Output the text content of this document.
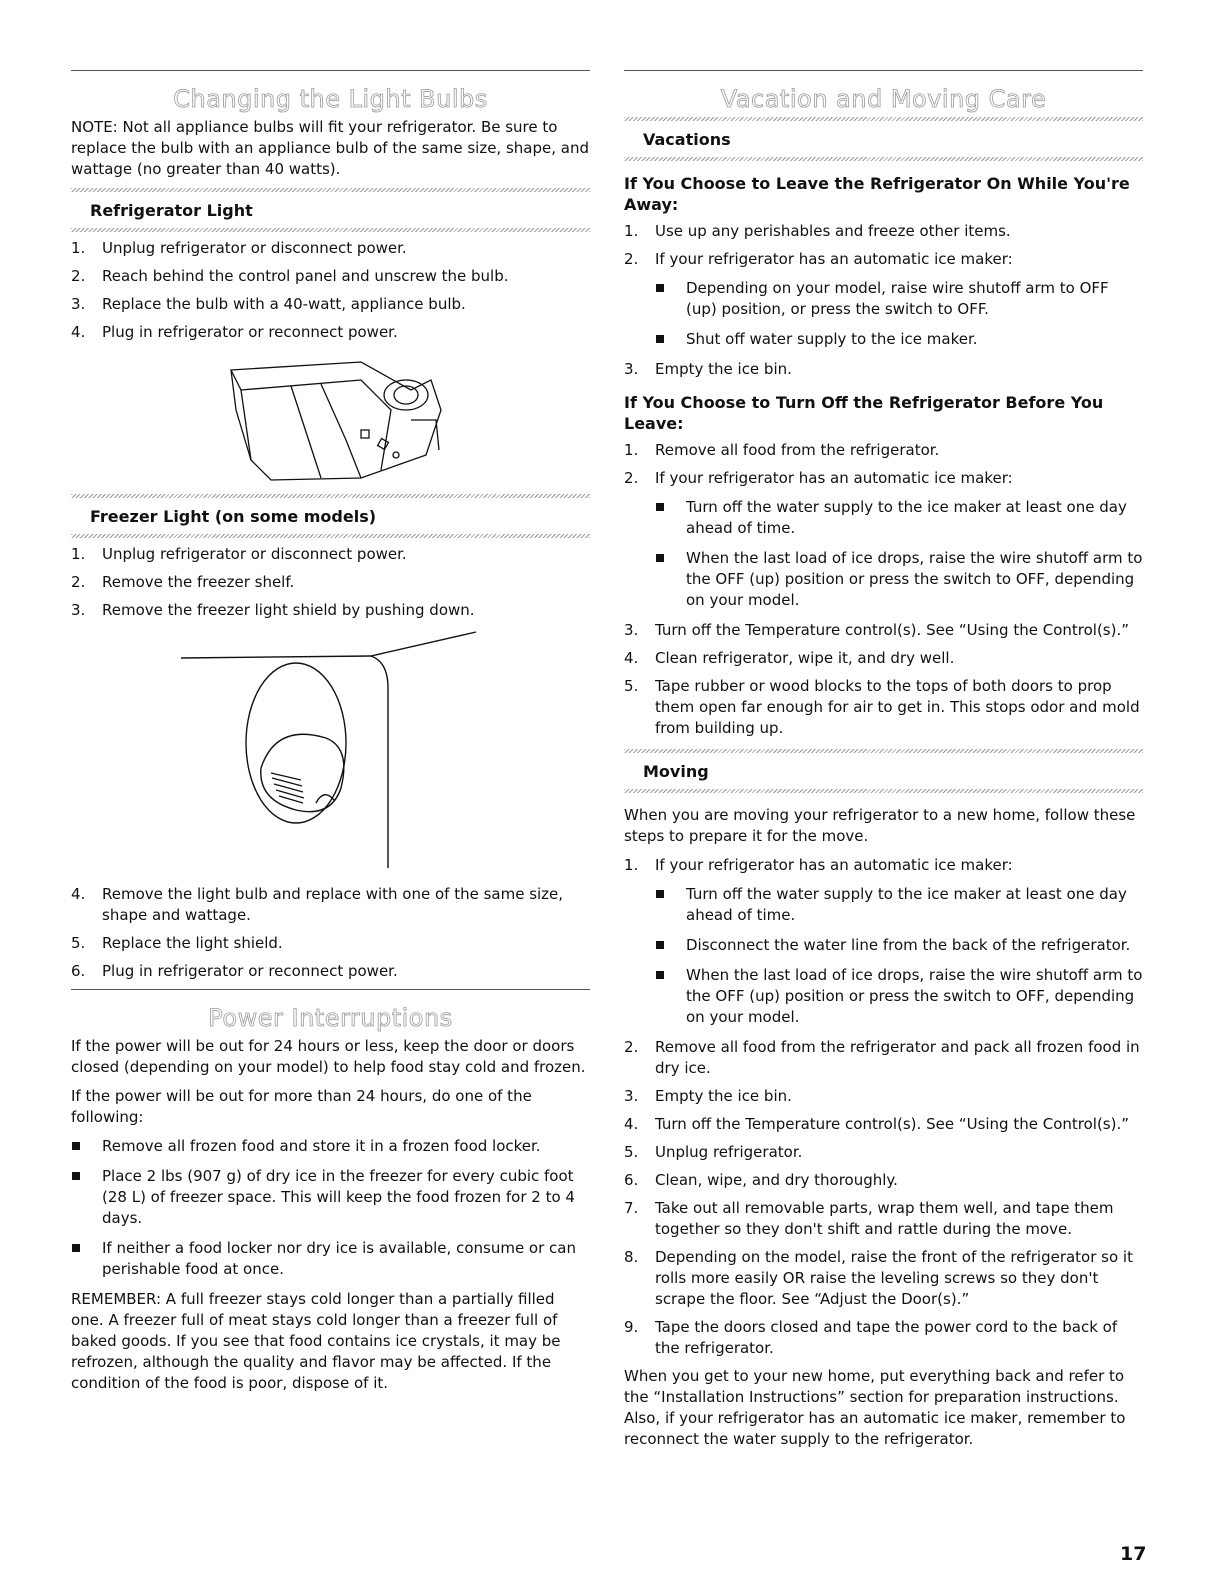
Changing the Light Bulbs

NOTE: Not all appliance bulbs will fit your refrigerator. Be sure to replace the bulb with an appliance bulb of the same size, shape, and wattage (no greater than 40 watts).

Refrigerator Light
1. Unplug refrigerator or disconnect power.
2. Reach behind the control panel and unscrew the bulb.
3. Replace the bulb with a 40-watt, appliance bulb.
4. Plug in refrigerator or reconnect power.
Freezer Light (on some models)
1. Unplug refrigerator or disconnect power.
2. Remove the freezer shelf.
3. Remove the freezer light shield by pushing down.
4. Remove the light bulb and replace with one of the same size, shape and wattage.
5. Replace the light shield.
6. Plug in refrigerator or reconnect power.
Power Interruptions

If the power will be out for 24 hours or less, keep the door or doors closed (depending on your model) to help food stay cold and frozen.

If the power will be out for more than 24 hours, do one of the following:

Remove all frozen food and store it in a frozen food locker.
Place 2 lbs (907 g) of dry ice in the freezer for every cubic foot (28 L) of freezer space. This will keep the food frozen for 2 to 4 days.
If neither a food locker nor dry ice is available, consume or can perishable food at once.

REMEMBER: A full freezer stays cold longer than a partially filled one. A freezer full of meat stays cold longer than a freezer full of baked goods. If you see that food contains ice crystals, it may be refrozen, although the quality and flavor may be affected. If the condition of the food is poor, dispose of it.

Vacation and Moving Care
Vacations
If You Choose to Leave the Refrigerator On While You're Away:
1. Use up any perishables and freeze other items.
2. If your refrigerator has an automatic ice maker:
Depending on your model, raise wire shutoff arm to OFF (up) position, or press the switch to OFF.
Shut off water supply to the ice maker.
3. Empty the ice bin.
If You Choose to Turn Off the Refrigerator Before You Leave:
1. Remove all food from the refrigerator.
2. If your refrigerator has an automatic ice maker:
Turn off the water supply to the ice maker at least one day ahead of time.
When the last load of ice drops, raise the wire shutoff arm to the OFF (up) position or press the switch to OFF, depending on your model.
3. Turn off the Temperature control(s). See “Using the Control(s).”
4. Clean refrigerator, wipe it, and dry well.
5. Tape rubber or wood blocks to the tops of both doors to prop them open far enough for air to get in. This stops odor and mold from building up.
Moving

When you are moving your refrigerator to a new home, follow these steps to prepare it for the move.

1. If your refrigerator has an automatic ice maker:
Turn off the water supply to the ice maker at least one day ahead of time.
Disconnect the water line from the back of the refrigerator.
When the last load of ice drops, raise the wire shutoff arm to the OFF (up) position or press the switch to OFF, depending on your model.
2. Remove all food from the refrigerator and pack all frozen food in dry ice.
3. Empty the ice bin.
4. Turn off the Temperature control(s). See “Using the Control(s).”
5. Unplug refrigerator.
6. Clean, wipe, and dry thoroughly.
7. Take out all removable parts, wrap them well, and tape them together so they don't shift and rattle during the move.
8. Depending on the model, raise the front of the refrigerator so it rolls more easily OR raise the leveling screws so they don't scrape the floor. See “Adjust the Door(s).”
9. Tape the doors closed and tape the power cord to the back of the refrigerator.

When you get to your new home, put everything back and refer to the “Installation Instructions” section for preparation instructions. Also, if your refrigerator has an automatic ice maker, remember to reconnect the water supply to the refrigerator.

17
